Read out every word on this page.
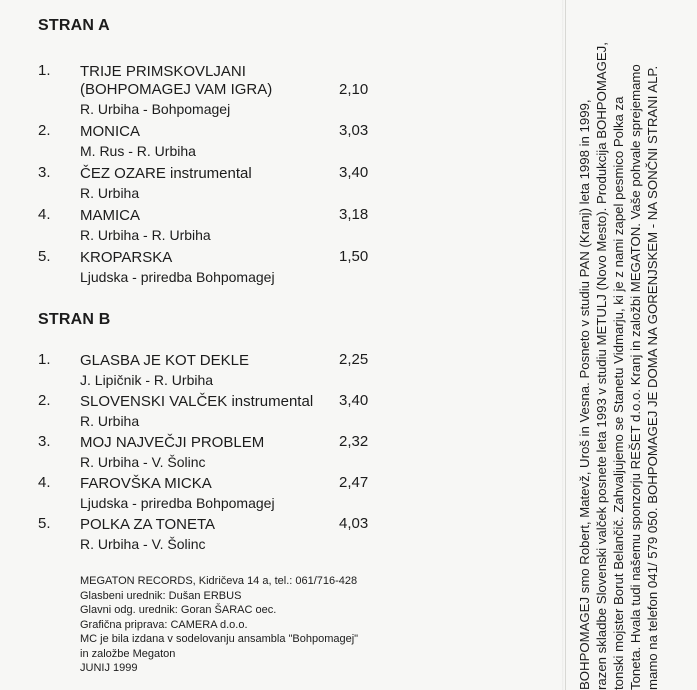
STRAN A
1. TRIJE PRIMSKOVLJANI
(BOHPOMAGEJ VAM IGRA)	2,10
R. Urbiha - Bohpomagej
2. MONICA	3,03
M. Rus - R. Urbiha
3. ČEZ OZARE instrumental	3,40
R. Urbiha
4. MAMICA	3,18
R. Urbiha - R. Urbiha
5. KROPARSKA	1,50
Ljudska - priredba Bohpomagej
STRAN B
1. GLASBA JE KOT DEKLE	2,25
J. Lipičnik - R. Urbiha
2. SLOVENSKI VALČEK instrumental 3,40
R. Urbiha
3. MOJ NAJVEČJI PROBLEM	2,32
R. Urbiha - V. Šolinc
4. FAROVŠKA MICKA	2,47
Ljudska - priredba Bohpomagej
5. POLKA ZA TONETA	4,03
R. Urbiha - V. Šolinc
MEGATON RECORDS, Kidričeva 14 a, tel.: 061/716-428
Glasbeni urednik: Dušan ERBUS
Glavni odg. urednik: Goran ŠARAC oec.
Grafična priprava: CAMERA d.o.o.
MC je bila izdana v sodelovanju ansambla "Bohpomagej"
in založbe Megaton
JUNIJ 1999	BOHPOMAGEJ smo Robert, Matevž, Uroš in Vesna. Posneto v studiu PAN (Kranj) leta 1998 in 1999, razen skladbe Slovenski valček posnete leta 1993 v studiu METULJ (Novo Mesto). Produkcija BOHPOMAGEJ, tonski mojster Borut Belančič. Zahvaljujemo se Stanetu Vidmarju, ki je z nami zapel pesmico Polka za Toneta. Hvala tudi našemu sponzorju REŠET d.o.o. Kranj in založbi MEGATON. Vaše pohvale sprejemamo mamo na telefon 041/ 579 050. BOHPOMAGEJ JE DOMA NA GORENJSKEM - NA SONČNI STRANI ALP.
